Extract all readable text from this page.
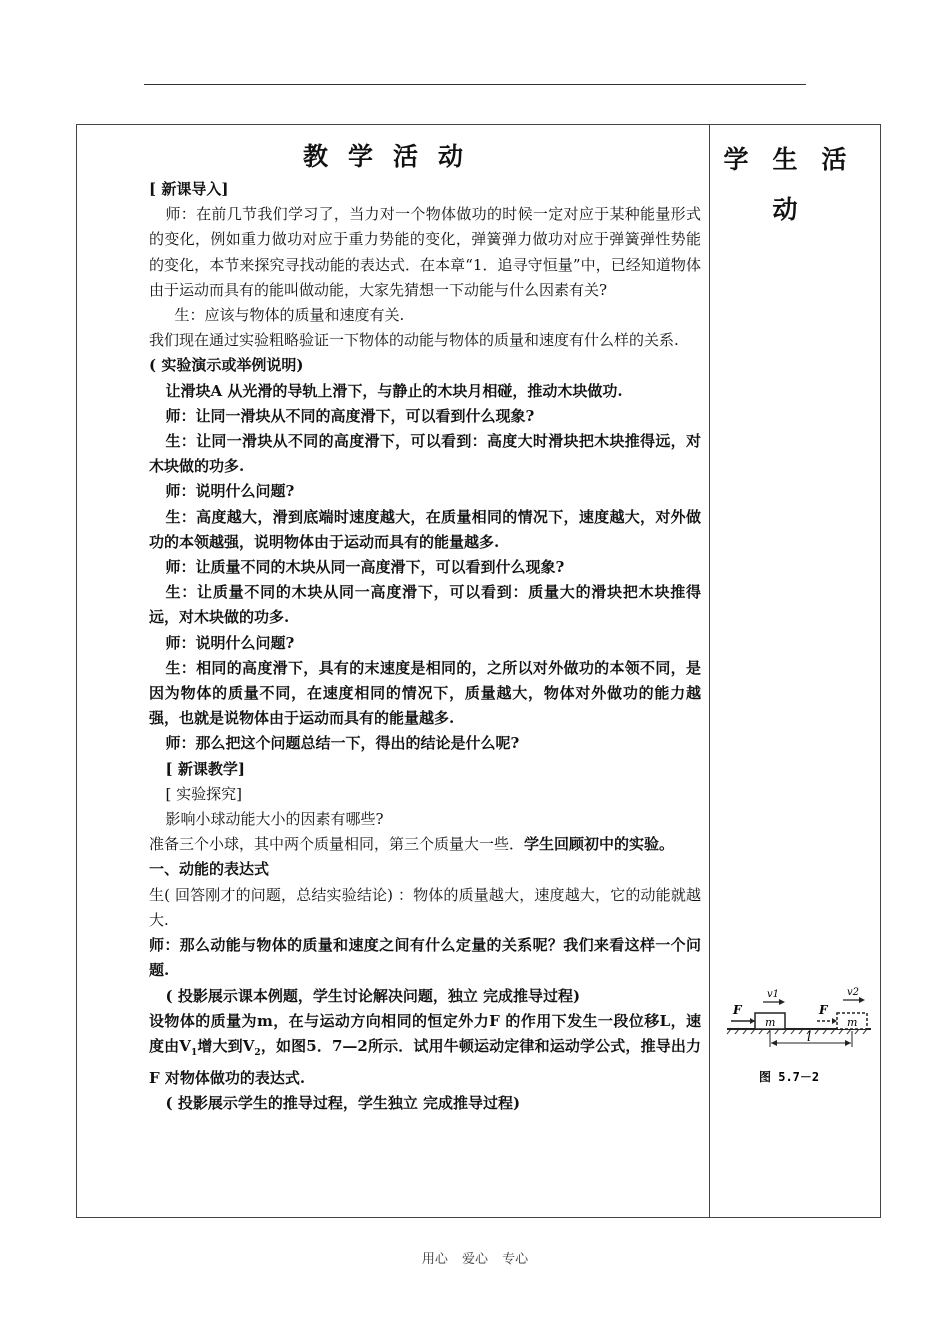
教学活动	学生活动

[ 新课导入]

师：在前几节我们学习了，当力对一个物体做功的时候一定对应于某种能量形式的变化，例如重力做功对应于重力势能的变化，弹簧弹力做功对应于弹簧弹性势能的变化，本节来探究寻找动能的表达式．在本章“1．追寻守恒量”中，已经知道物体由于运动而具有的能叫做动能，大家先猜想一下动能与什么因素有关?

生：应该与物体的质量和速度有关.

我们现在通过实验粗略验证一下物体的动能与物体的质量和速度有什么样的关系.

( 实验演示或举例说明)

让滑块A 从光滑的导轨上滑下，与静止的木块月相碰，推动木块做功.

师：让同一滑块从不同的高度滑下，可以看到什么现象?

生：让同一滑块从不同的高度滑下，可以看到：高度大时滑块把木块推得远，对木块做的功多.

师：说明什么问题?

生：高度越大，滑到底端时速度越大，在质量相同的情况下，速度越大，对外做功的本领越强，说明物体由于运动而具有的能量越多.

师：让质量不同的木块从同一高度滑下，可以看到什么现象?

生：让质量不同的木块从同一高度滑下，可以看到：质量大的滑块把木块推得远，对木块做的功多.

师：说明什么问题?

生：相同的高度滑下，具有的末速度是相同的，之所以对外做功的本领不同，是因为物体的质量不同，在速度相同的情况下，质量越大，物体对外做功的能力越强，也就是说物体由于运动而具有的能量越多.

师：那么把这个问题总结一下，得出的结论是什么呢?

[ 新课教学]

[ 实验探究]

影响小球动能大小的因素有哪些?

准备三个小球，其中两个质量相同，第三个质量大一些．学生回顾初中的实验。

一、动能的表达式

生( 回答刚才的问题，总结实验结论) ：物体的质量越大，速度越大，它的动能就越大.

师：那么动能与物体的质量和速度之间有什么定量的关系呢？我们来看这样一个问题.

( 投影展示课本例题，学生讨论解决问题，独立 完成推导过程)

设物体的质量为m，在与运动方向相同的恒定外力F 的作用下发生一段位移L，速度由$V_1$增大到$V_2$，如图5．7—2所示．试用牛顿运动定律和运动学公式，推导出力F 对物体做功的表达式.

( 投影展示学生的推导过程，学生独立 完成推导过程)

m
F
v1
m
F
v2
l
图 5.7－2
用心 爱心 专心
